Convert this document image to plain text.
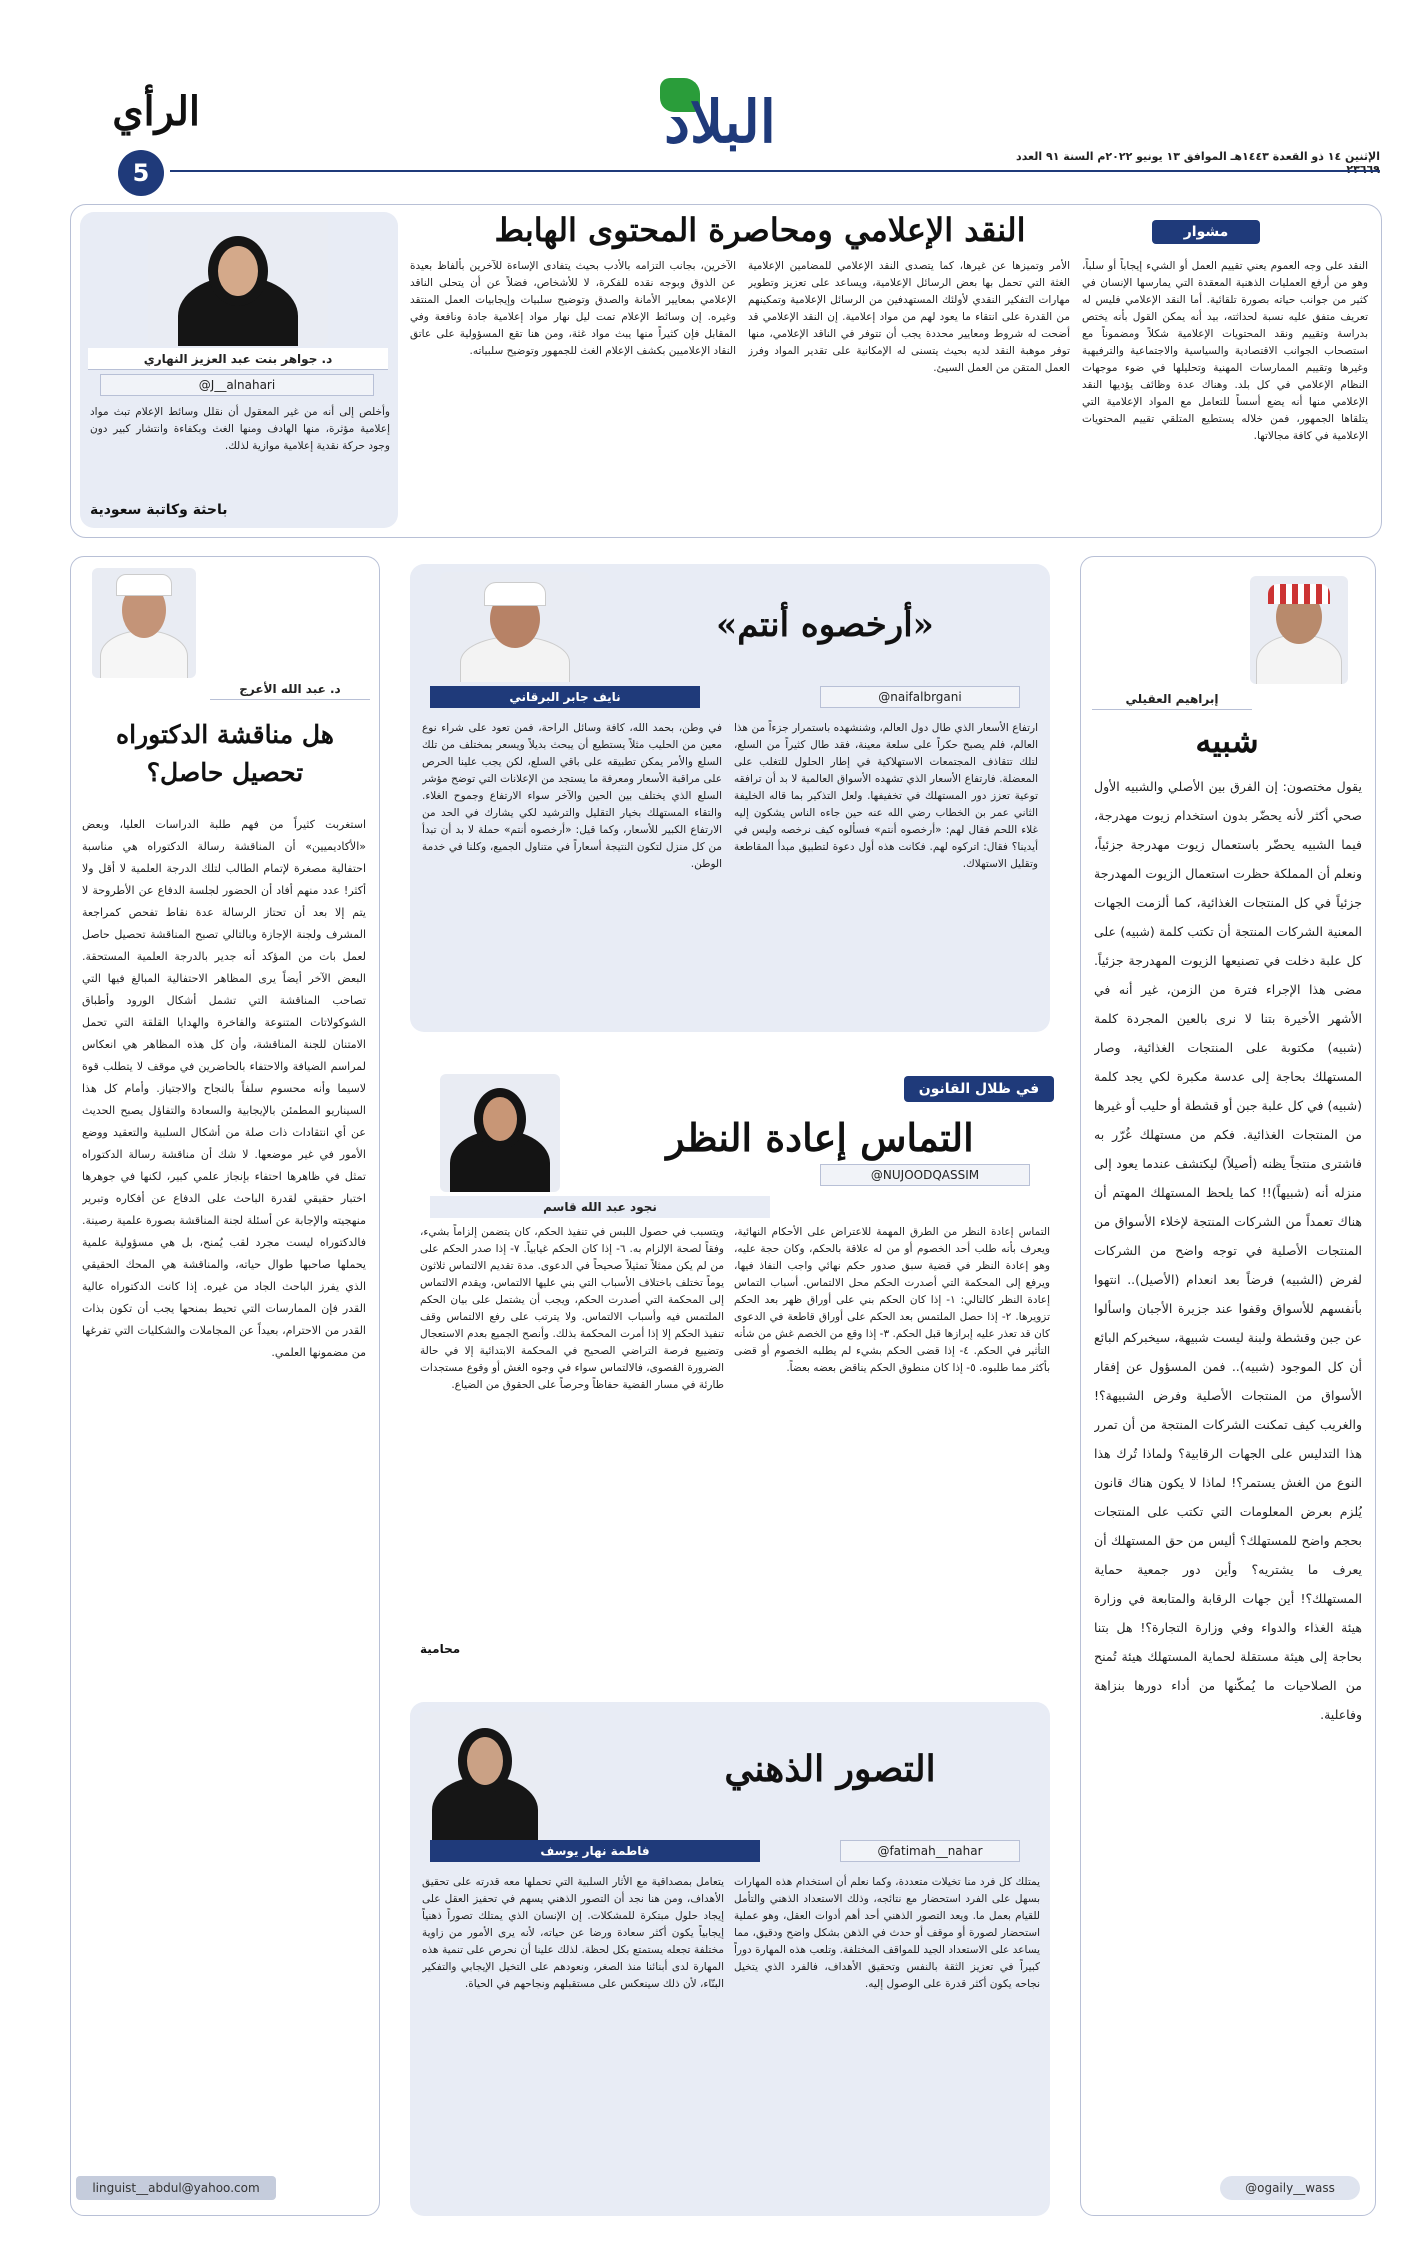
5
الرأي	البلاد
الإثنين ١٤ ذو القعدة ١٤٤٣هـ الموافق ١٣ يونيو ٢٠٢٢م السنة ٩١ العدد
مشوار
النقد الإعلامي ومحاصرة المحتوى الهابط
النقد على وجه العموم يعني تقييم العمل أو الشيء إيجاباً أو سلباً، وهو من أرفع العمليات الذهنية المعقدة التي يمارسها الإنسان في كثير من جوانب حياته بصورة تلقائية. أما النقد الإعلامي فليس له تعريف متفق عليه نسبة لحداثته، بيد أنه يمكن القول بأنه يختص بدراسة وتقييم ونقد المحتويات الإعلامية شكلاً ومضموناً مع استصحاب الجوانب الاقتصادية والسياسية والاجتماعية والترفيهية وغيرها وتقييم الممارسات المهنية وتحليلها في ضوء موجهات النظام الإعلامي في كل بلد. وهناك عدة وظائف يؤديها النقد الإعلامي منها أنه يضع أسساً للتعامل مع المواد الإعلامية التي يتلقاها الجمهور، فمن خلاله يستطيع المتلقي تقييم المحتويات الإعلامية في كافة مجالاتها.
الأمر وتميزها عن غيرها، كما يتصدى النقد الإعلامي للمضامين الإعلامية الغثة التي تحمل بها بعض الرسائل الإعلامية، ويساعد على تعزيز وتطوير مهارات التفكير النقدي لأولئك المستهدفين من الرسائل الإعلامية وتمكينهم من القدرة على انتقاء ما يعود لهم من مواد إعلامية. إن النقد الإعلامي قد أضحت له شروط ومعايير محددة يجب أن تتوفر في الناقد الإعلامي، منها توفر موهبة النقد لديه بحيث يتسنى له الإمكانية على تقدير المواد وفرز العمل المتقن من العمل السيئ.
الآخرين، بجانب التزامه بالأدب بحيث يتفادى الإساءة للآخرين بألفاظ بعيدة عن الذوق وبوجه نقده للفكرة، لا للأشخاص، فضلاً عن أن يتحلى الناقد الإعلامي بمعايير الأمانة والصدق وتوضيح سلبيات وإيجابيات العمل المنتقد وغيره. إن وسائط الإعلام تمت ليل نهار مواد إعلامية جادة ونافعة وفي المقابل فإن كثيراً منها يبث مواد غثة، ومن هنا تقع المسؤولية على عاتق النقاد الإعلاميين بكشف الإعلام الغث للجمهور وتوضيح سلبياته.
د. جواهر بنت عبد العزيز النهاري
@J__alnahari
وأخلص إلى أنه من غير المعقول أن نقلل وسائط الإعلام تبث مواد إعلامية مؤثرة، منها الهادف ومنها الغث وبكفاءة وانتشار كبير دون وجود حركة نقدية إعلامية موازية لذلك.
باحثة وكاتبة سعودية
إبراهيم العقيلي
شبيه
يقول مختصون: إن الفرق بين الأصلي والشبيه الأول صحي أكثر لأنه يحضّر بدون استخدام زيوت مهدرجة، فيما الشبيه يحضّر باستعمال زيوت مهدرجة جزئياً، ونعلم أن المملكة حظرت استعمال الزيوت المهدرجة جزئياً في كل المنتجات الغذائية، كما ألزمت الجهات المعنية الشركات المنتجة أن تكتب كلمة (شبيه) على كل علبة دخلت في تصنيعها الزيوت المهدرجة جزئياً. مضى هذا الإجراء فترة من الزمن، غير أنه في الأشهر الأخيرة بتنا لا نرى بالعين المجردة كلمة (شبيه) مكتوبة على المنتجات الغذائية، وصار المستهلك بحاجة إلى عدسة مكبرة لكي يجد كلمة (شبيه) في كل علبة جبن أو قشطة أو حليب أو غيرها من المنتجات الغذائية. فكم من مستهلك غُرّر به فاشترى منتجاً يظنه (أصيلاً) ليكتشف عندما يعود إلى منزله أنه (شبيهاً)!! كما يلحظ المستهلك المهتم أن هناك تعمداً من الشركات المنتجة لإخلاء الأسواق من المنتجات الأصلية في توجه واضح من الشركات لفرض (الشبيه) فرضاً بعد انعدام (الأصيل).. انتهوا بأنفسهم للأسواق وقفوا عند جزيرة الأجبان واسألوا عن جبن وقشطة ولبنة ليست شبيهة، سيخبركم البائع أن كل الموجود (شبيه).. فمن المسؤول عن إفقار الأسواق من المنتجات الأصلية وفرض الشبيهة؟! والغريب كيف تمكنت الشركات المنتجة من أن تمرر هذا التدليس على الجهات الرقابية؟ ولماذا تُرك هذا النوع من الغش يستمر؟! لماذا لا يكون هناك قانون يُلزم بعرض المعلومات التي تكتب على المنتجات بحجم واضح للمستهلك؟ أليس من حق المستهلك أن يعرف ما يشتريه؟ وأين دور جمعية حماية المستهلك؟! أين جهات الرقابة والمتابعة في وزارة هيئة الغذاء والدواء وفي وزارة التجارة؟! هل بتنا بحاجة إلى هيئة مستقلة لحماية المستهلك هيئة تُمنح من الصلاحيات ما يُمكّنها من أداء دورها بنزاهة وفاعلية.
@ogaily__wass
د. عبد الله الأعرج
هل مناقشة الدكتوراه تحصيل حاصل؟
استغربت كثيراً من فهم طلبة الدراسات العليا، وبعض «الأكاديميين» أن المناقشة رسالة الدكتوراه هي مناسبة احتفالية مصغرة لإتمام الطالب لتلك الدرجة العلمية لا أقل ولا أكثر! عدد منهم أفاد أن الحضور لجلسة الدفاع عن الأطروحة لا يتم إلا بعد أن تحتاز الرسالة عدة نقاط تفحص كمراجعة المشرف ولجنة الإجازة وبالتالي تصبح المناقشة تحصيل حاصل لعمل بات من المؤكد أنه جدير بالدرجة العلمية المستحقة. البعض الآخر أيضاً يرى المظاهر الاحتفالية المبالغ فيها التي تصاحب المناقشة التي تشمل أشكال الورود وأطباق الشوكولاتات المتنوعة والفاخرة والهدايا القلقة التي تحمل الامتنان للجنة المناقشة، وأن كل هذه المظاهر هي انعكاس لمراسم الضيافة والاحتفاء بالحاضرين في موقف لا يتطلب قوة لاسيما وأنه محسوم سلفاً بالنجاح والاجتياز. وأمام كل هذا السيناريو المطمئن بالإيجابية والسعادة والتفاؤل يصبح الحديث عن أي انتقادات ذات صلة من أشكال السلبية والتعقيد ووضع الأمور في غير موضعها. لا شك أن مناقشة رسالة الدكتوراه تمثل في ظاهرها احتفاء بإنجاز علمي كبير، لكنها في جوهرها اختبار حقيقي لقدرة الباحث على الدفاع عن أفكاره وتبرير منهجيته والإجابة عن أسئلة لجنة المناقشة بصورة علمية رصينة. فالدكتوراه ليست مجرد لقب يُمنح، بل هي مسؤولية علمية يحملها صاحبها طوال حياته، والمناقشة هي المحك الحقيقي الذي يفرز الباحث الجاد من غيره. إذا كانت الدكتوراه عالية القدر فإن الممارسات التي تحيط بمنحها يجب أن تكون بذات القدر من الاحترام، بعيداً عن المجاملات والشكليات التي تفرغها من مضمونها العلمي.
linguist__abdul@yahoo.com
«أرخصوه أنتم»
نايف جابر البرقاني	@naifalbrgani
ارتفاع الأسعار الذي طال دول العالم، وشنشهده باستمرار جزءاً من هذا العالم، فلم يصبح حكراً على سلعة معينة، فقد طال كثيراً من السلع، لتلك تتقاذف المجتمعات الاستهلاكية في إطار الحلول للتغلب على المعضلة. فارتفاع الأسعار الذي تشهده الأسواق العالمية لا بد أن ترافقه توعية تعزز دور المستهلك في تخفيفها. ولعل التذكير بما قاله الخليفة الثاني عمر بن الخطاب رضي الله عنه حين جاءه الناس يشكون إليه غلاء اللحم فقال لهم: «أرخصوه أنتم» فسألوه كيف نرخصه وليس في أيدينا؟ فقال: اتركوه لهم. فكانت هذه أول دعوة لتطبيق مبدأ المقاطعة وتقليل الاستهلاك.
في وطن، بحمد الله، كافة وسائل الراحة، فمن تعود على شراء نوع معين من الحليب مثلاً يستطيع أن يبحث بديلاً ويسعر بمختلف من تلك السلع والأمر يمكن تطبيقه على باقي السلع، لكن يجب علينا الحرص على مراقبة الأسعار ومعرفة ما يستجد من الإعلانات التي توضح مؤشر السلع الذي يختلف بين الحين والآخر سواء الارتفاع وجموح الغلاء. والتقاء المستهلك بخيار التقليل والترشيد لكي يشارك في الحد من الارتفاع الكبير للأسعار، وكما قيل: «أرخصوه أنتم» حملة لا بد أن تبدأ من كل منزل لتكون النتيجة أسعاراً في متناول الجميع، وكلنا في خدمة الوطن.
في ظلال القانون
التماس إعادة النظر
نجود عبد الله قاسم
@NUJOODQASSIM
التماس إعادة النظر من الطرق المهمة للاعتراض على الأحكام النهائية، ويعرف بأنه طلب أحد الخصوم أو من له علاقة بالحكم، وكان حجة عليه، وهو إعادة النظر في قضية سبق صدور حكم نهائي واجب النفاذ فيها، ويرفع إلى المحكمة التي أصدرت الحكم محل الالتماس. أسباب التماس إعادة النظر كالتالي: ١- إذا كان الحكم بني على أوراق ظهر بعد الحكم تزويرها. ٢- إذا حصل الملتمس بعد الحكم على أوراق قاطعة في الدعوى كان قد تعذر عليه إبرازها قبل الحكم. ٣- إذا وقع من الخصم غش من شأنه التأثير في الحكم. ٤- إذا قضى الحكم بشيء لم يطلبه الخصوم أو قضى بأكثر مما طلبوه. ٥- إذا كان منطوق الحكم يناقض بعضه بعضاً.
ويتسبب في حصول اللبس في تنفيذ الحكم، كان يتضمن إلزاماً بشيء، وفقاً لصحة الإلزام به. ٦- إذا كان الحكم غيابياً. ٧- إذا صدر الحكم على من لم يكن ممثلاً تمثيلاً صحيحاً في الدعوى. مدة تقديم الالتماس ثلاثون يوماً تختلف باختلاف الأسباب التي بني عليها الالتماس، ويقدم الالتماس إلى المحكمة التي أصدرت الحكم، ويجب أن يشتمل على بيان الحكم الملتمس فيه وأسباب الالتماس. ولا يترتب على رفع الالتماس وقف تنفيذ الحكم إلا إذا أمرت المحكمة بذلك. وأنصح الجميع بعدم الاستعجال وتضييع فرصة التراضي الصحيح في المحكمة الابتدائية إلا في حالة الضرورة القصوى، فالالتماس سواء في وجوه الغش أو وقوع مستجدات طارئة في مسار القضية حفاظاً وحرصاً على الحقوق من الضياع.
محامية
التصور الذهني
فاطمة نهار يوسف	@fatimah__nahar
يمتلك كل فرد منا تخيلات متعددة، وكما نعلم أن استخدام هذه المهارات بسهل على الفرد استحضار مع نتائجه، وذلك الاستعداد الذهني والتأمل للقيام بعمل ما. ويعد التصور الذهني أحد أهم أدوات العقل، وهو عملية استحضار لصورة أو موقف أو حدث في الذهن بشكل واضح ودقيق، مما يساعد على الاستعداد الجيد للمواقف المختلفة. وتلعب هذه المهارة دوراً كبيراً في تعزيز الثقة بالنفس وتحقيق الأهداف، فالفرد الذي يتخيل نجاحه يكون أكثر قدرة على الوصول إليه.
يتعامل بمصداقية مع الأثار السلبية التي تحملها معه قدرته على تحقيق الأهداف، ومن هنا نجد أن التصور الذهني يسهم في تحفيز العقل على إيجاد حلول مبتكرة للمشكلات. إن الإنسان الذي يمتلك تصوراً ذهنياً إيجابياً يكون أكثر سعادة ورضا عن حياته، لأنه يرى الأمور من زاوية مختلفة تجعله يستمتع بكل لحظة. لذلك علينا أن نحرص على تنمية هذه المهارة لدى أبنائنا منذ الصغر، ونعودهم على التخيل الإيجابي والتفكير البنّاء، لأن ذلك سينعكس على مستقبلهم ونجاحهم في الحياة.
